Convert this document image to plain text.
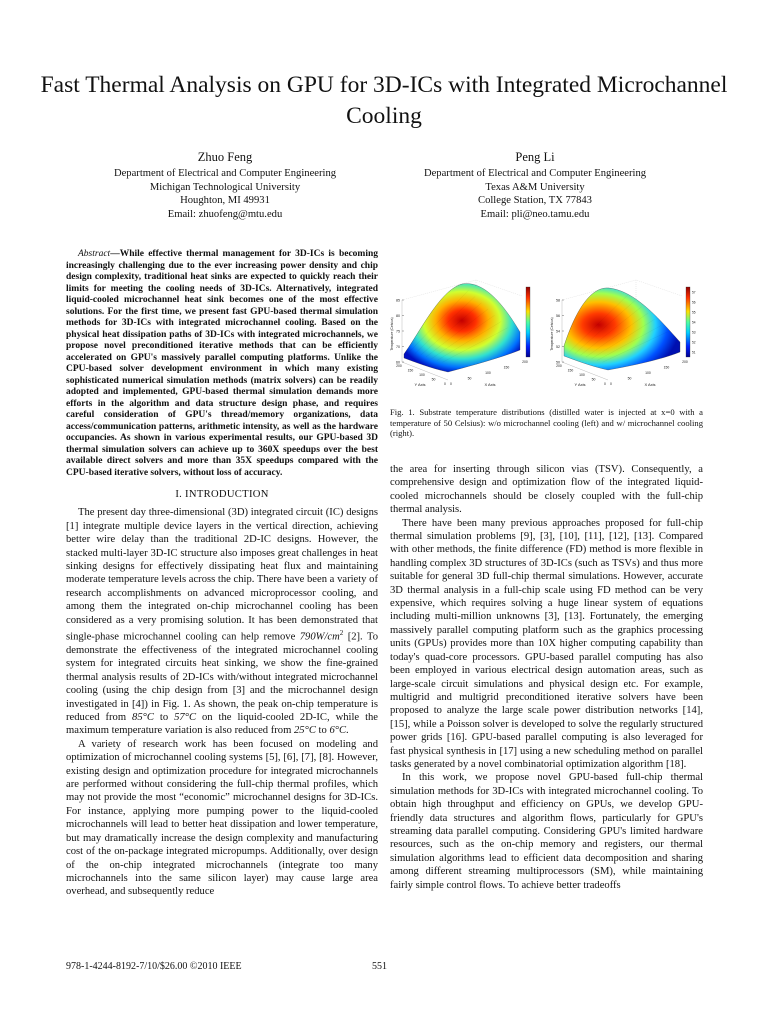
Fast Thermal Analysis on GPU for 3D-ICs with Integrated Microchannel Cooling
Zhuo Feng
Department of Electrical and Computer Engineering
Michigan Technological University
Houghton, MI 49931
Email: zhuofeng@mtu.edu
Peng Li
Department of Electrical and Computer Engineering
Texas A&M University
College Station, TX 77843
Email: pli@neo.tamu.edu

Abstract—While effective thermal management for 3D-ICs is becoming increasingly challenging due to the ever increasing power density and chip design complexity, traditional heat sinks are expected to quickly reach their limits for meeting the cooling needs of 3D-ICs. Alternatively, integrated liquid-cooled microchannel heat sink becomes one of the most effective solutions. For the first time, we present fast GPU-based thermal simulation methods for 3D-ICs with integrated microchannel cooling. Based on the physical heat dissipation paths of 3D-ICs with integrated microchannels, we propose novel preconditioned iterative methods that can be efficiently accelerated on GPU's massively parallel computing platforms. Unlike the CPU-based solver development environment in which many existing sophisticated numerical simulation methods (matrix solvers) can be readily adopted and implemented, GPU-based thermal simulation demands more efforts in the algorithm and data structure design phase, and requires careful consideration of GPU's thread/memory organizations, data access/communication patterns, arithmetic intensity, as well as the hardware occupancies. As shown in various experimental results, our GPU-based 3D thermal simulation solvers can achieve up to 360X speedups over the best available direct solvers and more than 35X speedups compared with the CPU-based iterative solvers, without loss of accuracy.

I. INTRODUCTION

The present day three-dimensional (3D) integrated circuit (IC) designs [1] integrate multiple device layers in the vertical direction, achieving better wire delay than the traditional 2D-IC designs. However, the stacked multi-layer 3D-IC structure also imposes great challenges in heat sinking designs for effectively dissipating heat flux and maintaining moderate temperature levels across the chip. There have been a variety of research accomplishments on advanced microprocessor cooling, and among them the integrated on-chip microchannel cooling has been considered as a very promising solution. It has been demonstrated that single-phase microchannel cooling can help remove $790W/cm^2$ [2]. To demonstrate the effectiveness of the integrated microchannel cooling system for integrated circuits heat sinking, we show the fine-grained thermal analysis results of 2D-ICs with/without integrated microchannel cooling (using the chip design from [3] and the microchannel design investigated in [4]) in Fig. 1. As shown, the peak on-chip temperature is reduced from 85°C to 57°C on the liquid-cooled 2D-IC, while the maximum temperature variation is also reduced from 25°C to 6°C.

A variety of research work has been focused on modeling and optimization of microchannel cooling systems [5], [6], [7], [8]. However, existing design and optimization procedure for integrated microchannels are performed without considering the full-chip thermal profiles, which may not provide the most “economic” microchannel designs for 3D-ICs. For instance, applying more pumping power to the liquid-cooled microchannels will lead to better heat dissipation and lower temperature, but may dramatically increase the design complexity and manufacturing cost of the on-package integrated micropumps. Additionally, over design of the on-chip integrated microchannels (integrate too many microchannels into the same silicon layer) may cause large area overhead, and subsequently reduce

60
70
75
80
85
Temperature (Celsius)
200
150
100
50
0 0
50
100
150
200
Y Axis	X Axis
50
52
54
56
58
Temperature (Celsius)
200
150
100
50
0 0
50
100
150
200
Y Axis	X Axis
51
52
53
54
55
56
57
Fig. 1. Substrate temperature distributions (distilled water is injected at x=0 with a temperature of 50 Celsius): w/o microchannel cooling (left) and w/ microchannel cooling (right).

the area for inserting through silicon vias (TSV). Consequently, a comprehensive design and optimization flow of the integrated liquid-cooled microchannels should be closely coupled with the full-chip thermal analysis.

There have been many previous approaches proposed for full-chip thermal simulation problems [9], [3], [10], [11], [12], [13]. Compared with other methods, the finite difference (FD) method is more flexible in handling complex 3D structures of 3D-ICs (such as TSVs) and thus more suitable for general 3D full-chip thermal simulations. However, accurate 3D thermal analysis in a full-chip scale using FD method can be very expensive, which requires solving a huge linear system of equations including multi-million unknowns [3], [13]. Fortunately, the emerging massively parallel computing platform such as the graphics processing units (GPUs) provides more than 10X higher computing capability than today's quad-core processors. GPU-based parallel computing has also been employed in various electrical design automation areas, such as large-scale circuit simulations and physical design etc. For example, multigrid and multigrid preconditioned iterative solvers have been proposed to analyze the large scale power distribution networks [14], [15], while a Poisson solver is developed to solve the regularly structured power grids [16]. GPU-based parallel computing is also leveraged for fast physical synthesis in [17] using a new scheduling method on parallel tasks generated by a novel combinatorial optimization algorithm [18].

In this work, we propose novel GPU-based full-chip thermal simulation methods for 3D-ICs with integrated microchannel cooling. To obtain high throughput and efficiency on GPUs, we develop GPU-friendly data structures and algorithm flows, particularly for GPU's streaming data parallel computing. Considering GPU's limited hardware resources, such as the on-chip memory and registers, our thermal simulation algorithms lead to efficient data decomposition and sharing among different streaming multiprocessors (SM), while maintaining fairly simple control flows. To achieve better tradeoffs

978-1-4244-8192-7/10/$26.00 ©2010 IEEE	551
